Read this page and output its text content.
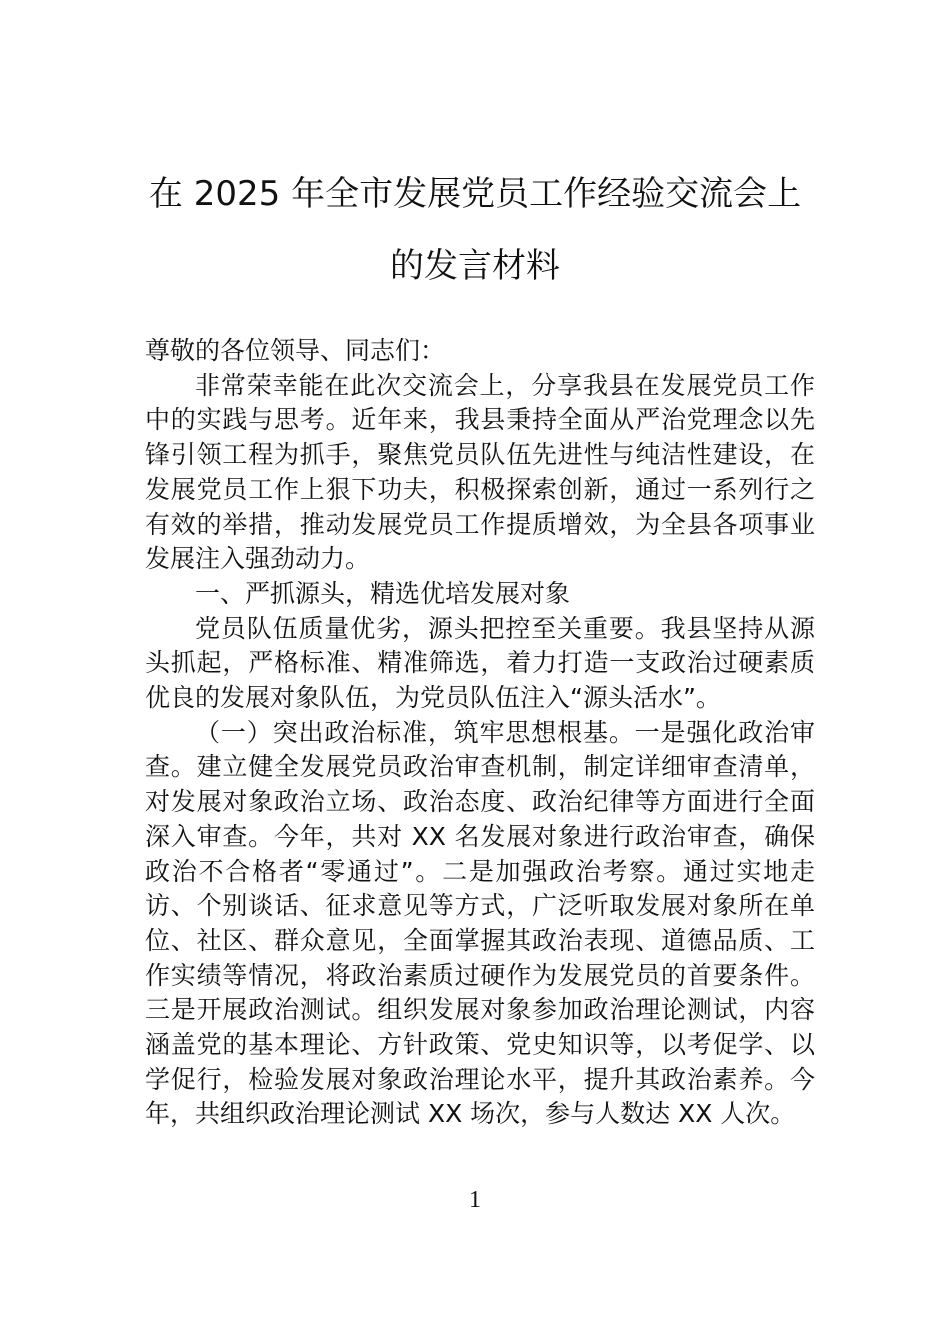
在 2025 年全市发展党员工作经验交流会上
的发言材料

尊敬的各位领导、同志们：

非常荣幸能在此次交流会上，分享我县在发展党员工作中的实践与思考。近年来，我县秉持全面从严治党理念以先锋引领工程为抓手，聚焦党员队伍先进性与纯洁性建设，在发展党员工作上狠下功夫，积极探索创新，通过一系列行之有效的举措，推动发展党员工作提质增效，为全县各项事业发展注入强劲动力。

一、严抓源头，精选优培发展对象

党员队伍质量优劣，源头把控至关重要。我县坚持从源头抓起，严格标准、精准筛选，着力打造一支政治过硬素质优良的发展对象队伍，为党员队伍注入“源头活水”。

（一）突出政治标准，筑牢思想根基。一是强化政治审查。建立健全发展党员政治审查机制，制定详细审查清单，对发展对象政治立场、政治态度、政治纪律等方面进行全面深入审查。今年，共对 XX 名发展对象进行政治审查，确保政治不合格者“零通过”。二是加强政治考察。通过实地走访、个别谈话、征求意见等方式，广泛听取发展对象所在单位、社区、群众意见，全面掌握其政治表现、道德品质、工作实绩等情况，将政治素质过硬作为发展党员的首要条件。三是开展政治测试。组织发展对象参加政治理论测试，内容涵盖党的基本理论、方针政策、党史知识等，以考促学、以学促行，检验发展对象政治理论水平，提升其政治素养。今年，共组织政治理论测试 XX 场次，参与人数达 XX 人次。

1
